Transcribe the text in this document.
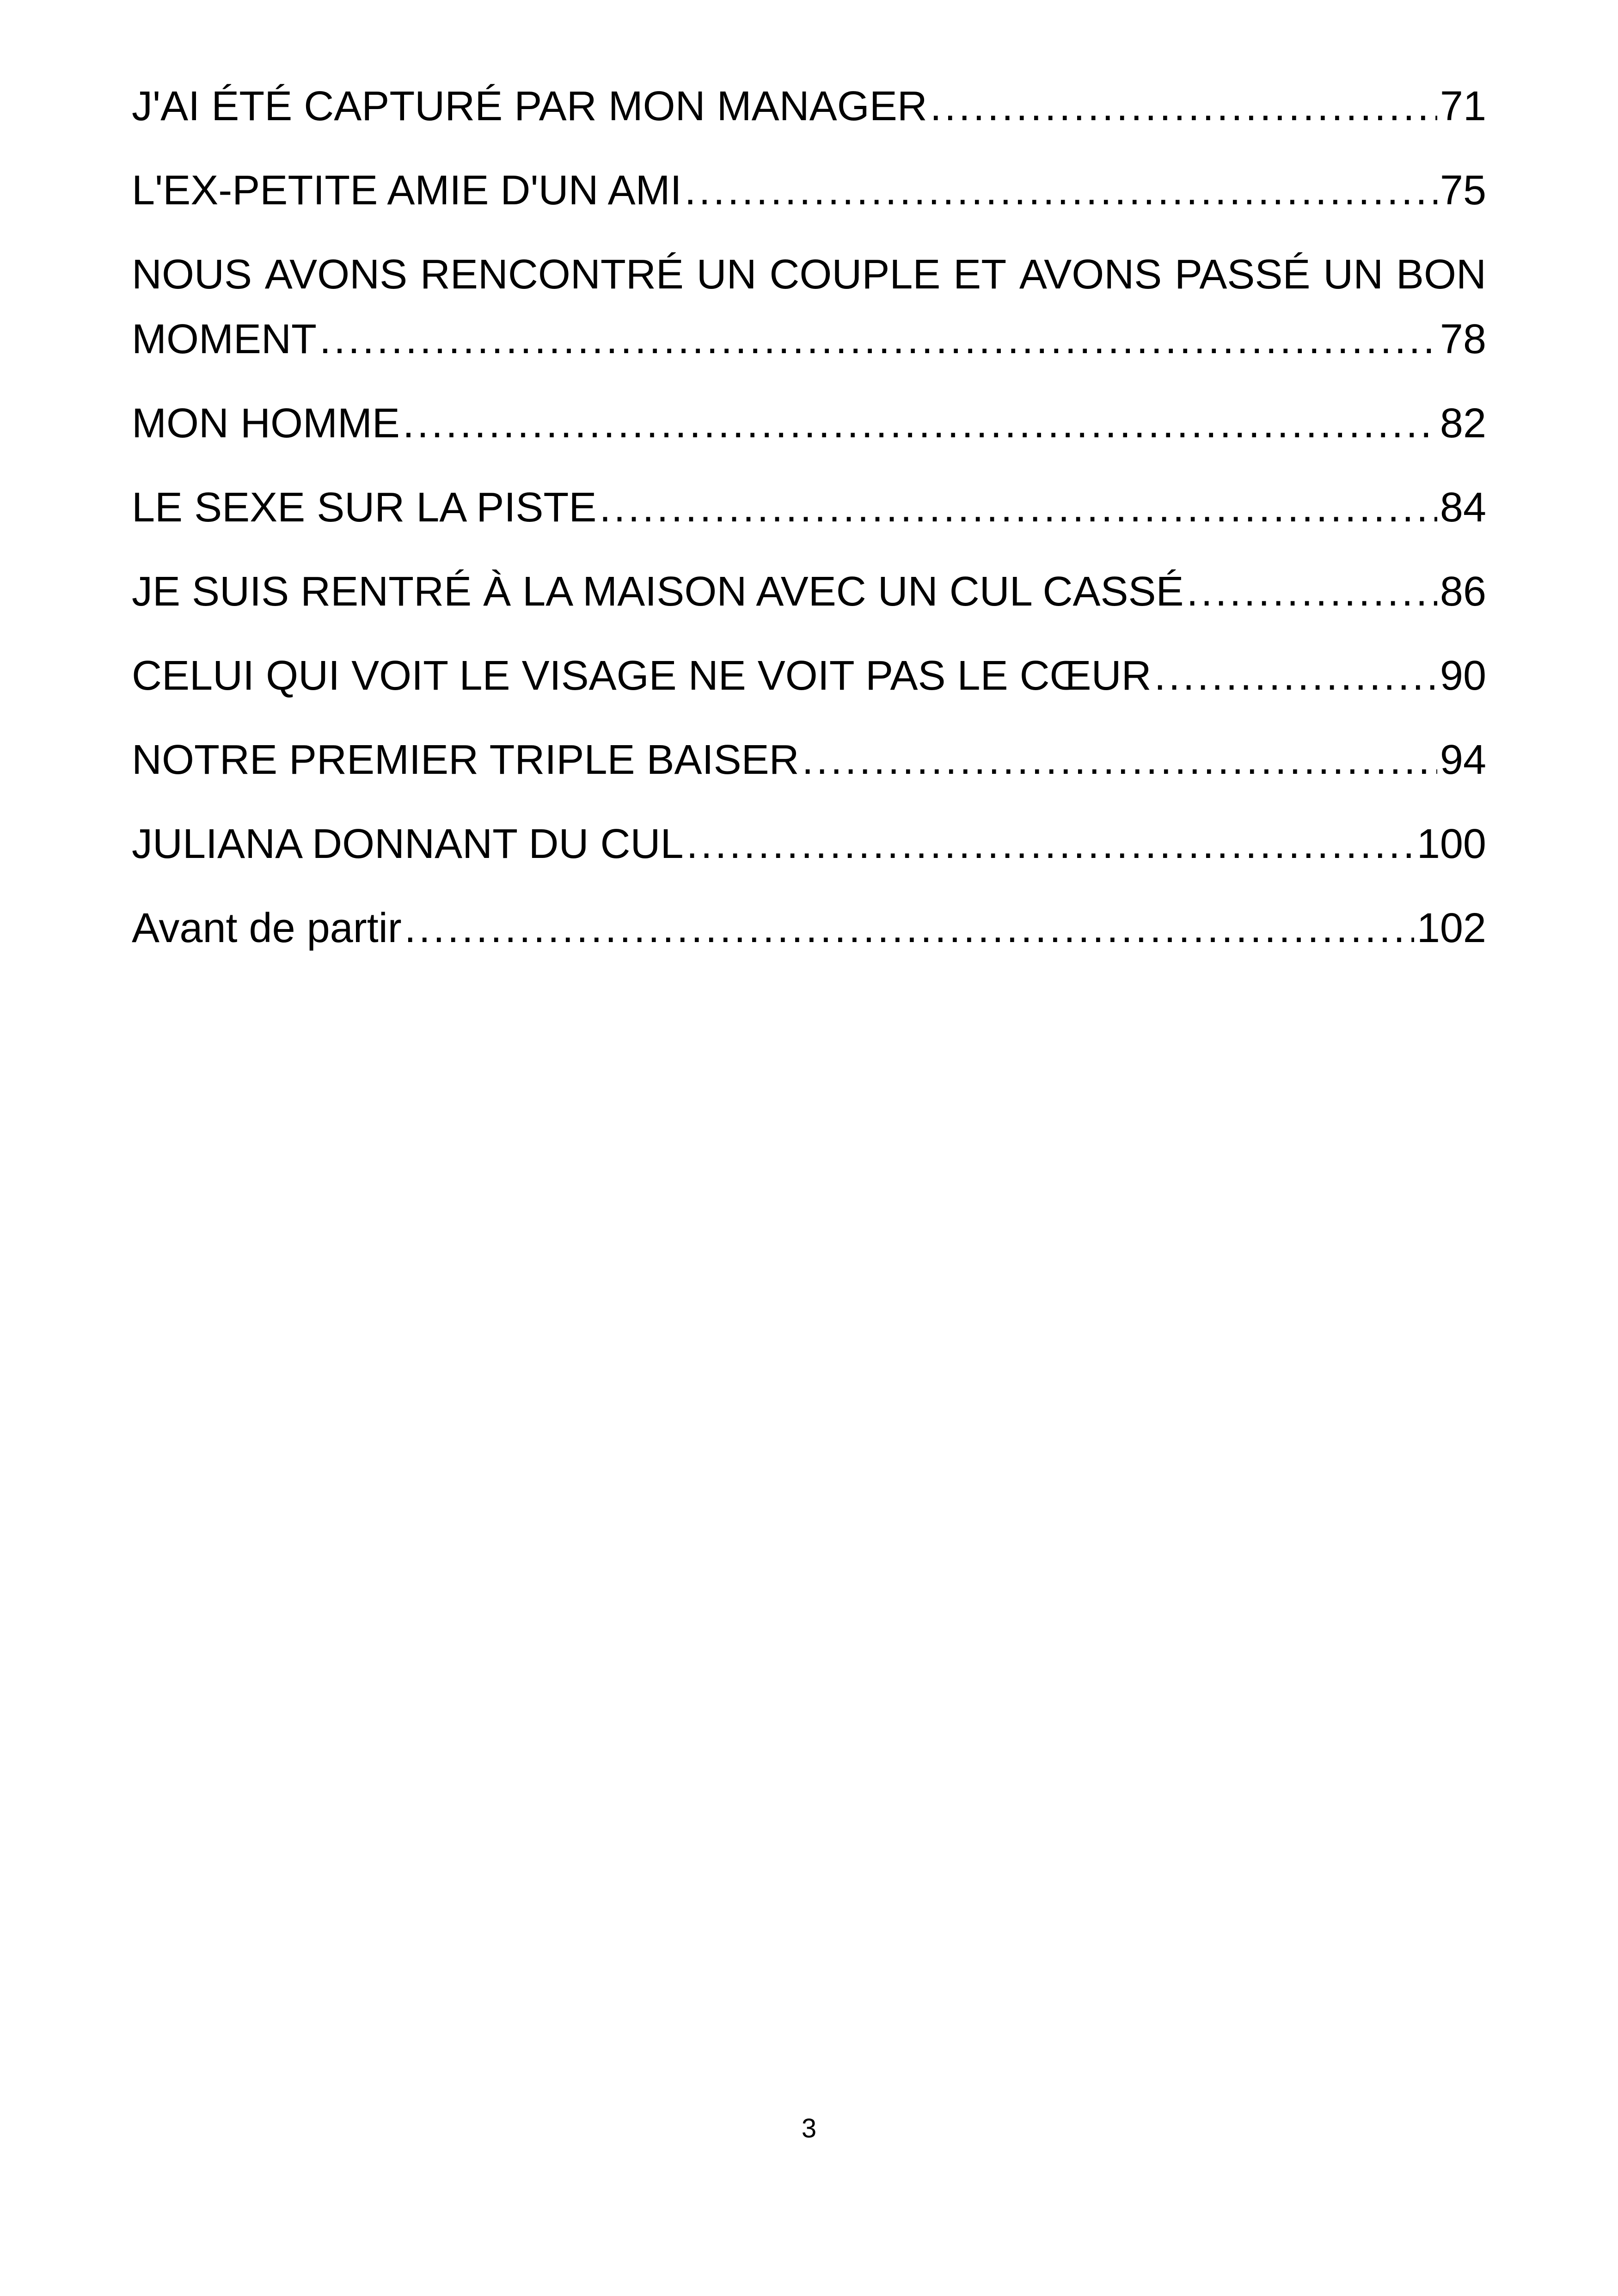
J'AI ÉTÉ CAPTURÉ PAR MON MANAGER .....	71
L'EX-PETITE AMIE D'UN AMI .....	75
NOUS AVONS RENCONTRÉ UN COUPLE ET AVONS PASSÉ UN BON
MOMENT .....	78
MON HOMME .....	82
LE SEXE SUR LA PISTE .....	84
JE SUIS RENTRÉ À LA MAISON AVEC UN CUL CASSÉ .....	86
CELUI QUI VOIT LE VISAGE NE VOIT PAS LE CŒUR .....	90
NOTRE PREMIER TRIPLE BAISER .....	94
JULIANA DONNANT DU CUL .....	100
Avant de partir .....	102
3
